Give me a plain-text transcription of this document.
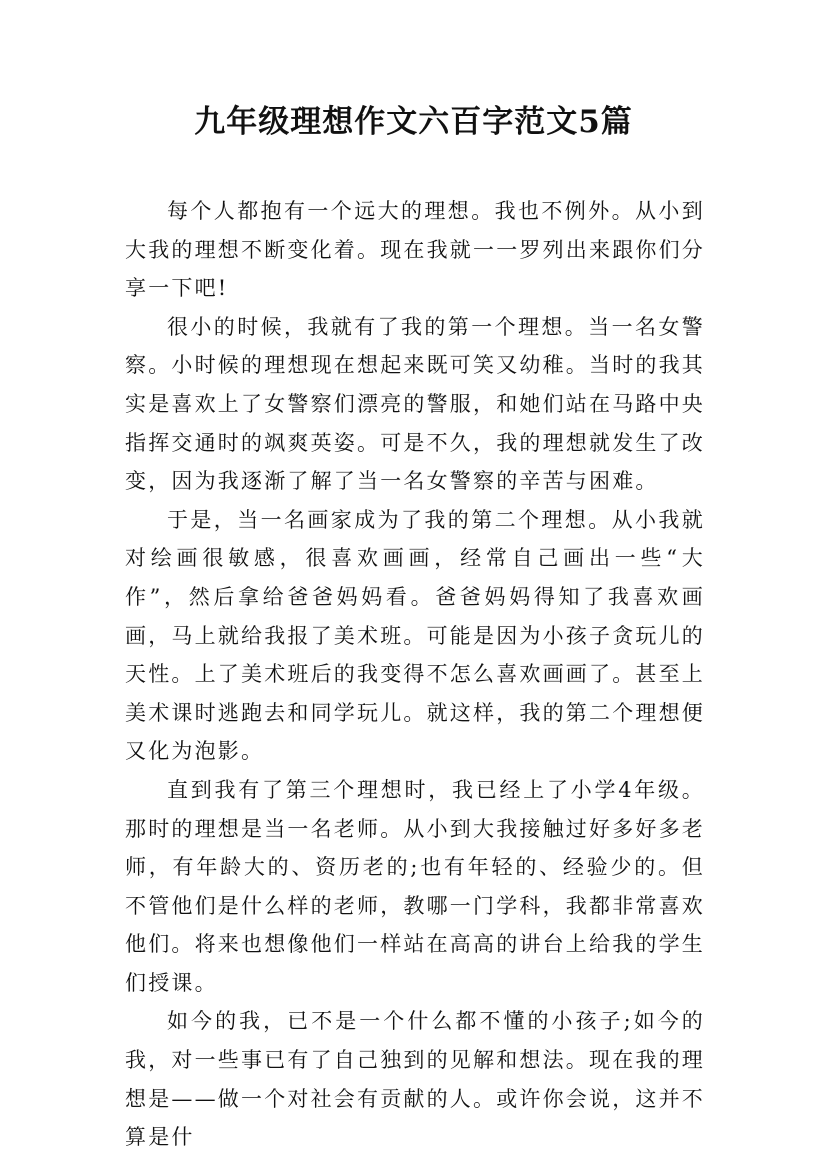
九年级理想作文六百字范文5篇

每个人都抱有一个远大的理想。我也不例外。从小到大我的理想不断变化着。现在我就一一罗列出来跟你们分享一下吧!

很小的时候，我就有了我的第一个理想。当一名女警察。小时候的理想现在想起来既可笑又幼稚。当时的我其实是喜欢上了女警察们漂亮的警服，和她们站在马路中央指挥交通时的飒爽英姿。可是不久，我的理想就发生了改变，因为我逐渐了解了当一名女警察的辛苦与困难。

于是，当一名画家成为了我的第二个理想。从小我就对绘画很敏感，很喜欢画画，经常自己画出一些“大作”，然后拿给爸爸妈妈看。爸爸妈妈得知了我喜欢画画，马上就给我报了美术班。可能是因为小孩子贪玩儿的天性。上了美术班后的我变得不怎么喜欢画画了。甚至上美术课时逃跑去和同学玩儿。就这样，我的第二个理想便又化为泡影。

直到我有了第三个理想时，我已经上了小学4年级。那时的理想是当一名老师。从小到大我接触过好多好多老师，有年龄大的、资历老的;也有年轻的、经验少的。但不管他们是什么样的老师，教哪一门学科，我都非常喜欢他们。将来也想像他们一样站在高高的讲台上给我的学生们授课。

如今的我，已不是一个什么都不懂的小孩子;如今的我，对一些事已有了自己独到的见解和想法。现在我的理想是——做一个对社会有贡献的人。或许你会说，这并不算是什
